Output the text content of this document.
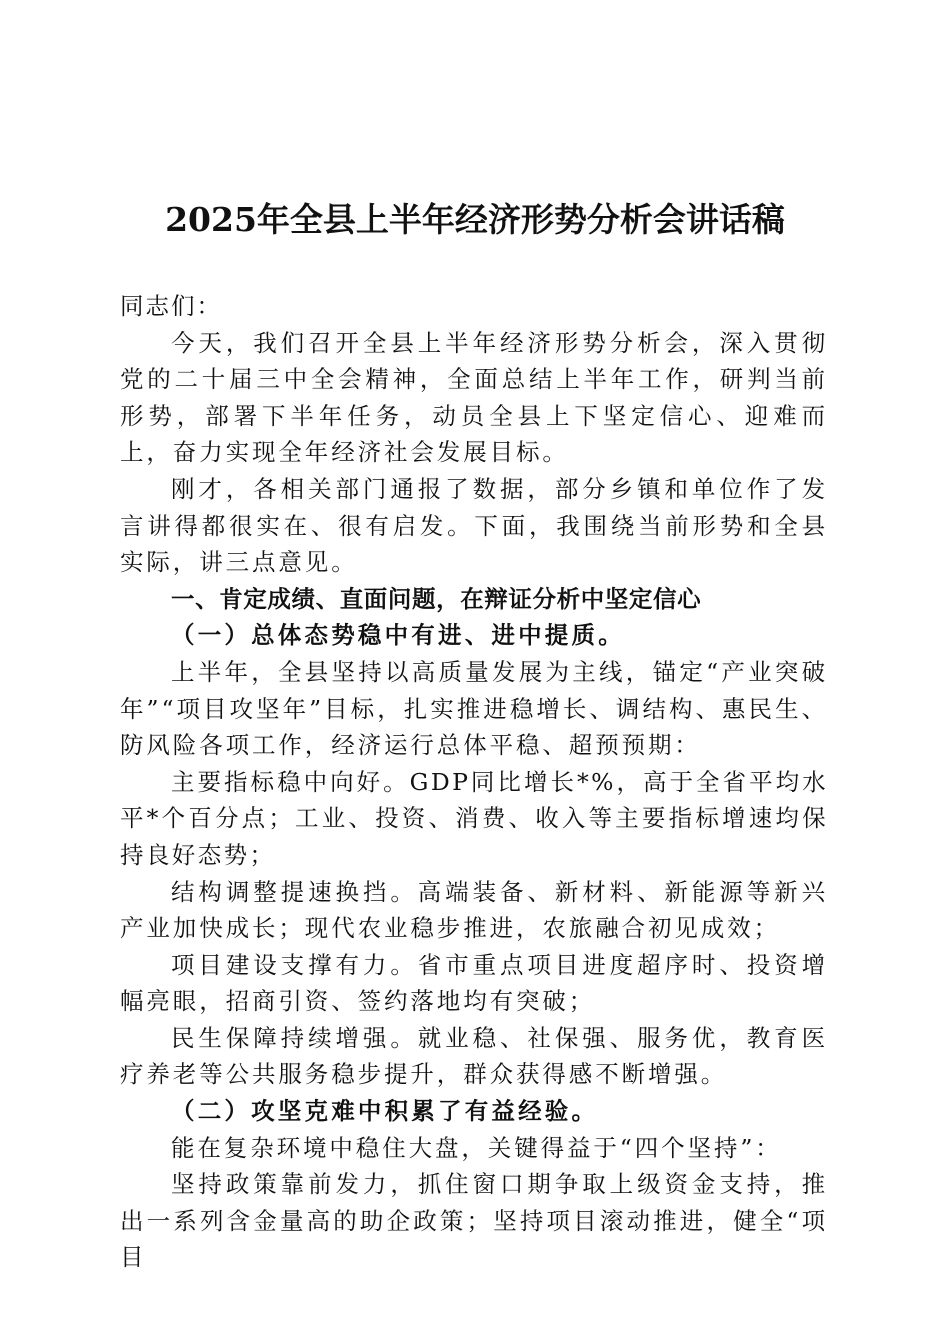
2025年全县上半年经济形势分析会讲话稿

同志们：

今天，我们召开全县上半年经济形势分析会，深入贯彻党的二十届三中全会精神，全面总结上半年工作，研判当前形势，部署下半年任务，动员全县上下坚定信心、迎难而上，奋力实现全年经济社会发展目标。

刚才，各相关部门通报了数据，部分乡镇和单位作了发言讲得都很实在、很有启发。下面，我围绕当前形势和全县实际，讲三点意见。

一、肯定成绩、直面问题，在辩证分析中坚定信心

（一）总体态势稳中有进、进中提质。

上半年，全县坚持以高质量发展为主线，锚定“产业突破年”“项目攻坚年”目标，扎实推进稳增长、调结构、惠民生、防风险各项工作，经济运行总体平稳、超预预期：

主要指标稳中向好。GDP同比增长*%，高于全省平均水平*个百分点；工业、投资、消费、收入等主要指标增速均保持良好态势；

结构调整提速换挡。高端装备、新材料、新能源等新兴产业加快成长；现代农业稳步推进，农旅融合初见成效；

项目建设支撑有力。省市重点项目进度超序时、投资增幅亮眼，招商引资、签约落地均有突破；

民生保障持续增强。就业稳、社保强、服务优，教育医疗养老等公共服务稳步提升，群众获得感不断增强。

（二）攻坚克难中积累了有益经验。

能在复杂环境中稳住大盘，关键得益于“四个坚持”：

坚持政策靠前发力，抓住窗口期争取上级资金支持，推出一系列含金量高的助企政策；坚持项目滚动推进，健全“项目
